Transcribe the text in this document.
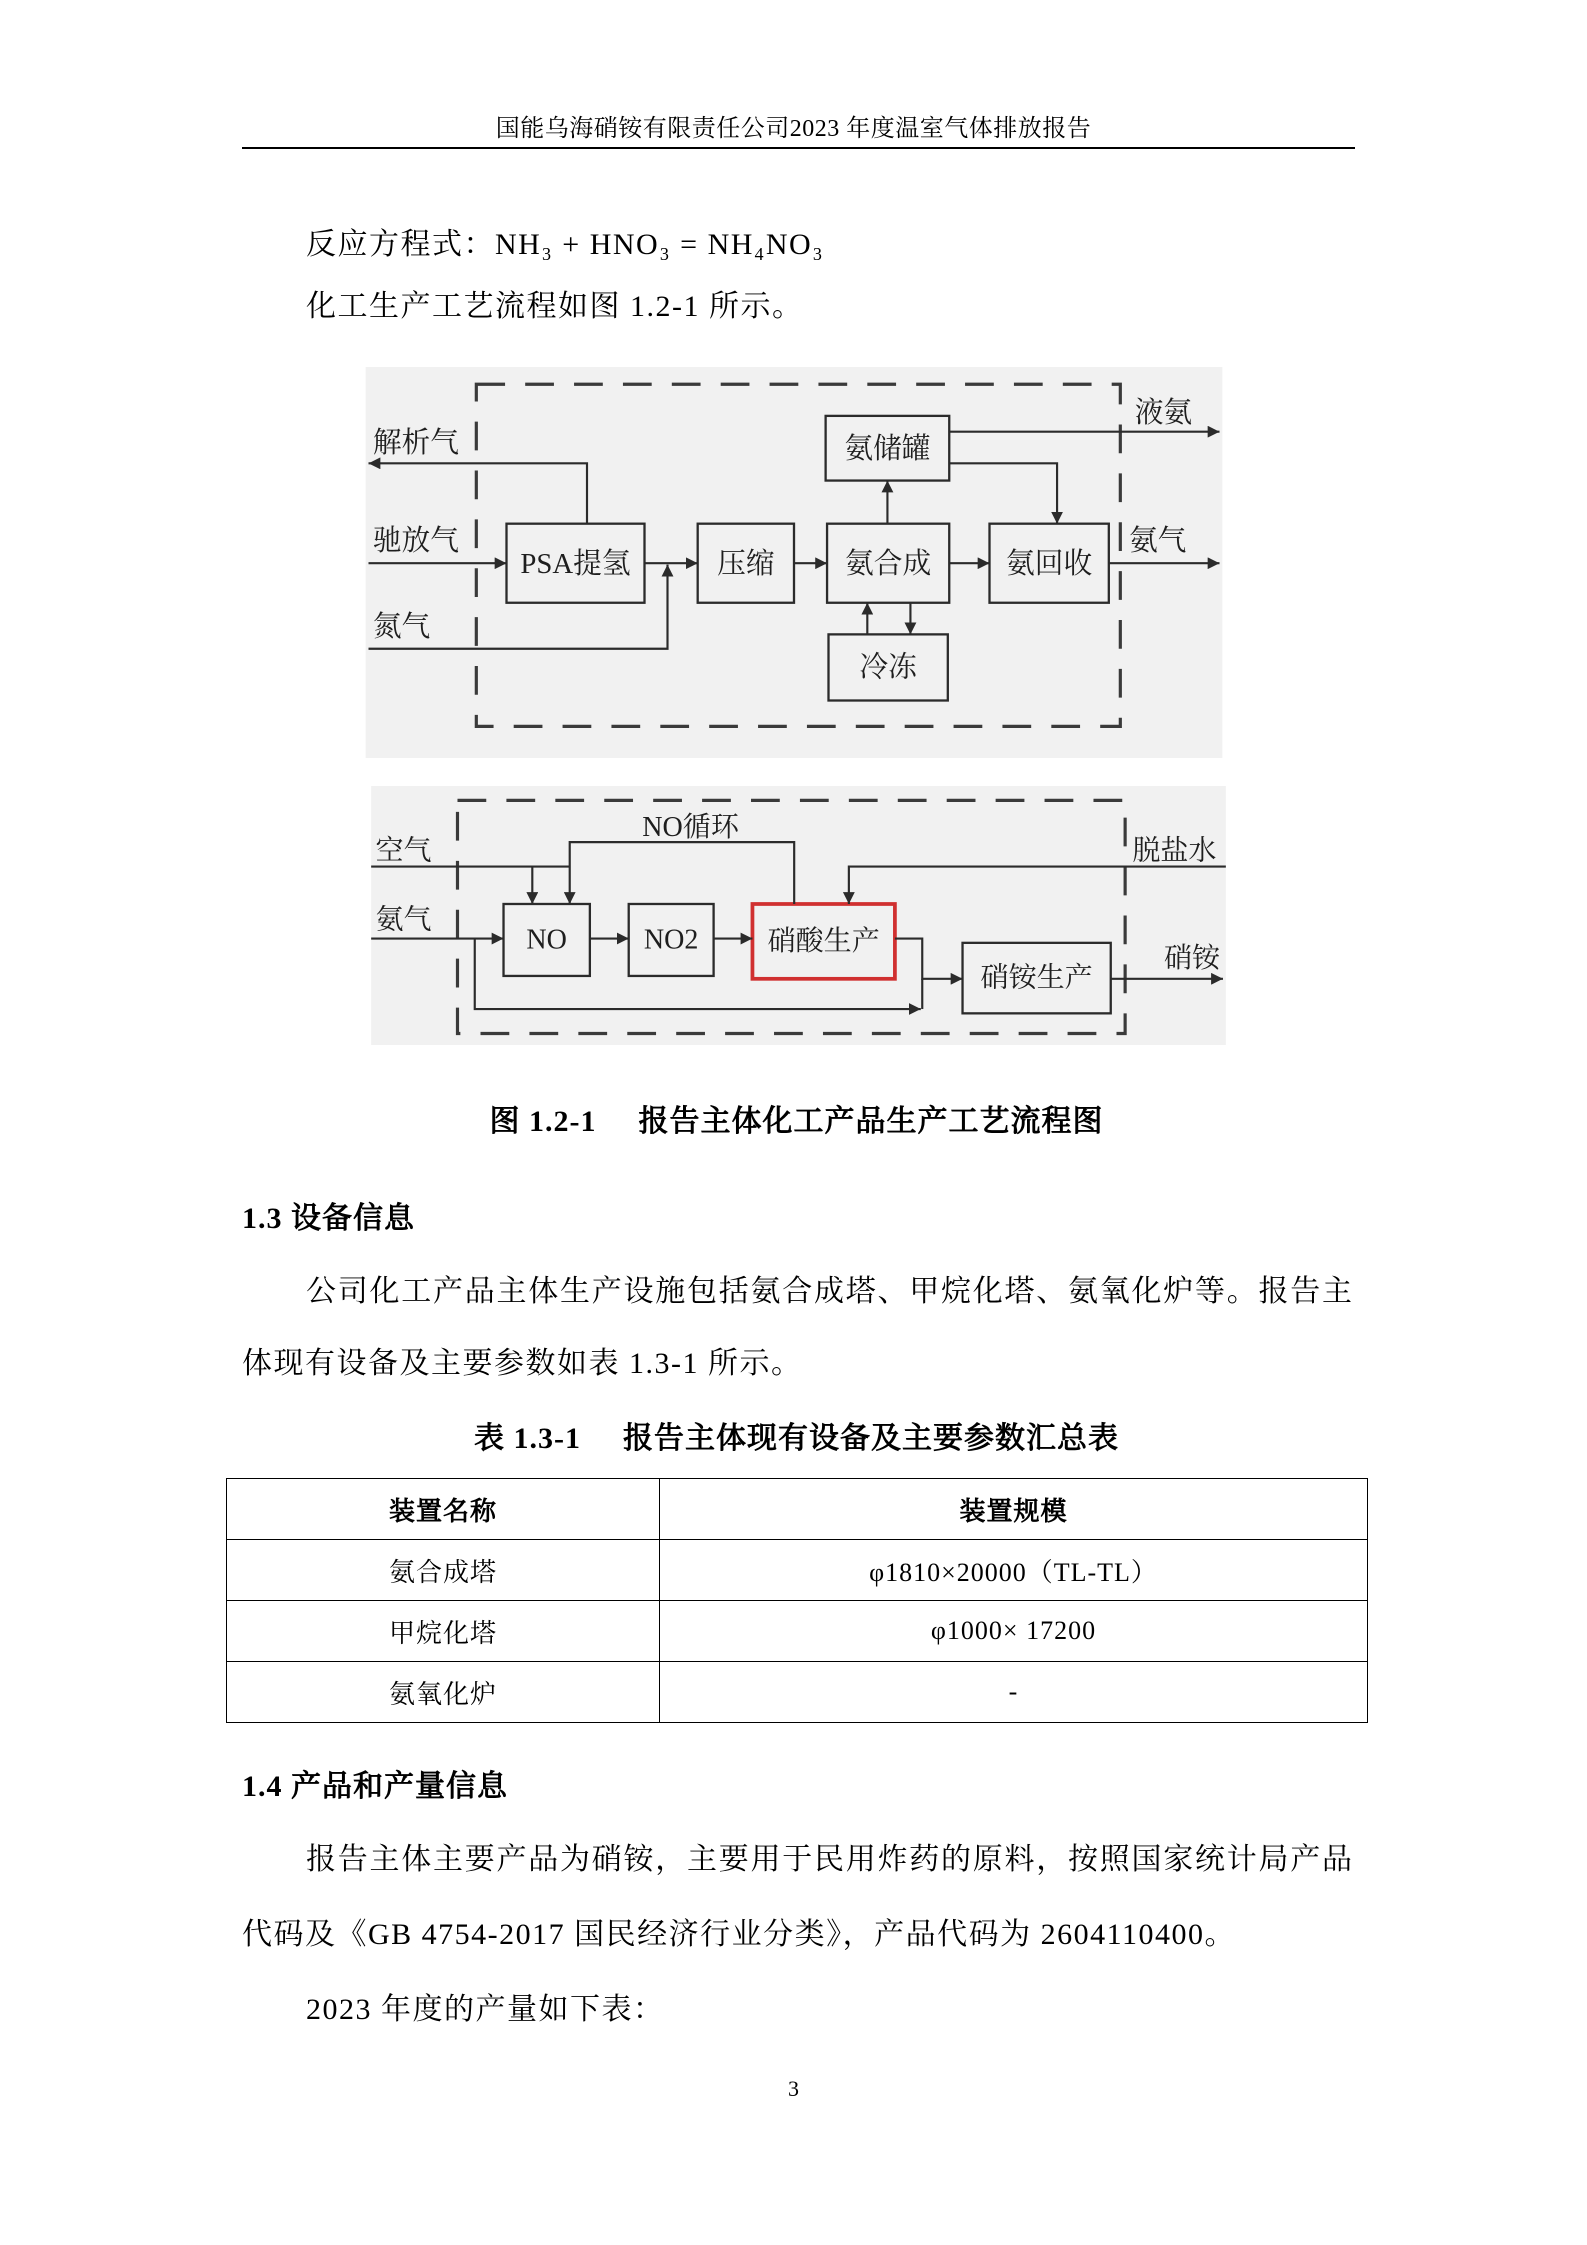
国能乌海硝铵有限责任公司2023 年度温室气体排放报告
反应方程式：NH₃ + HNO₃ = NH₄NO₃
化工生产工艺流程如图 1.2-1 所示。
PSA提氢	压缩	氨合成	氨回收
氨储罐
冷冻
解析气
驰放气
氮气
液氨
氨气
NO	NO2	硝酸生产
硝铵生产
空气
氨气
NO循环
脱盐水
硝铵
图 1.2-1 报告主体化工产品生产工艺流程图
1.3 设备信息
公司化工产品主体生产设施包括氨合成塔、甲烷化塔、氨氧化炉等。报告主
体现有设备及主要参数如表 1.3-1 所示。
表 1.3-1 报告主体现有设备及主要参数汇总表
装置名称	装置规模
氨合成塔	φ1810×20000（TL-TL）
甲烷化塔	φ1000× 17200
氨氧化炉	-
1.4 产品和产量信息
报告主体主要产品为硝铵，主要用于民用炸药的原料，按照国家统计局产品
代码及《GB 4754-2017 国民经济行业分类》，产品代码为 2604110400。
2023 年度的产量如下表：
3
